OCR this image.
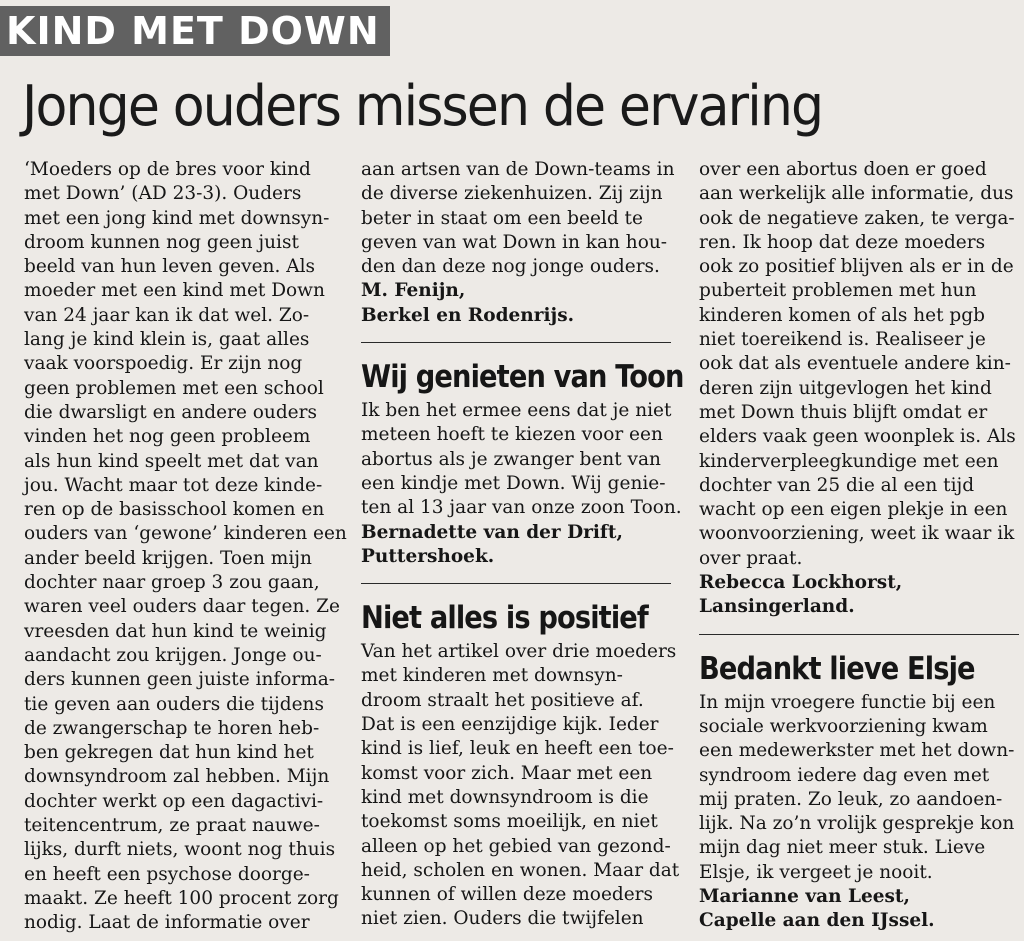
KIND MET DOWN
Jonge ouders missen de ervaring
‘Moeders op de bres voor kind
met Down’ (AD 23-3). Ouders
met een jong kind met downsyn-
droom kunnen nog geen juist
beeld van hun leven geven. Als
moeder met een kind met Down
van 24 jaar kan ik dat wel. Zo-
lang je kind klein is, gaat alles
vaak voorspoedig. Er zijn nog
geen problemen met een school
die dwarsligt en andere ouders
vinden het nog geen probleem
als hun kind speelt met dat van
jou. Wacht maar tot deze kinde-
ren op de basisschool komen en
ouders van ‘gewone’ kinderen een
ander beeld krijgen. Toen mijn
dochter naar groep 3 zou gaan,
waren veel ouders daar tegen. Ze
vreesden dat hun kind te weinig
aandacht zou krijgen. Jonge ou-
ders kunnen geen juiste informa-
tie geven aan ouders die tijdens
de zwangerschap te horen heb-
ben gekregen dat hun kind het
downsyndroom zal hebben. Mijn
dochter werkt op een dagactivi-
teitencentrum, ze praat nauwe-
lijks, durft niets, woont nog thuis
en heeft een psychose doorge-
maakt. Ze heeft 100 procent zorg
nodig. Laat de informatie over
aan artsen van de Down-teams in
de diverse ziekenhuizen. Zij zijn
beter in staat om een beeld te
geven van wat Down in kan hou-
den dan deze nog jonge ouders.
M. Fenijn,
Berkel en Rodenrijs.
Wij genieten van Toon
Ik ben het ermee eens dat je niet
meteen hoeft te kiezen voor een
abortus als je zwanger bent van
een kindje met Down. Wij genie-
ten al 13 jaar van onze zoon Toon.
Bernadette van der Drift,
Puttershoek.
Niet alles is positief
Van het artikel over drie moeders
met kinderen met downsyn-
droom straalt het positieve af.
Dat is een eenzijdige kijk. Ieder
kind is lief, leuk en heeft een toe-
komst voor zich. Maar met een
kind met downsyndroom is die
toekomst soms moeilijk, en niet
alleen op het gebied van gezond-
heid, scholen en wonen. Maar dat
kunnen of willen deze moeders
niet zien. Ouders die twijfelen
over een abortus doen er goed
aan werkelijk alle informatie, dus
ook de negatieve zaken, te verga-
ren. Ik hoop dat deze moeders
ook zo positief blijven als er in de
puberteit problemen met hun
kinderen komen of als het pgb
niet toereikend is. Realiseer je
ook dat als eventuele andere kin-
deren zijn uitgevlogen het kind
met Down thuis blijft omdat er
elders vaak geen woonplek is. Als
kinderverpleegkundige met een
dochter van 25 die al een tijd
wacht op een eigen plekje in een
woonvoorziening, weet ik waar ik
over praat.
Rebecca Lockhorst,
Lansingerland.
Bedankt lieve Elsje
In mijn vroegere functie bij een
sociale werkvoorziening kwam
een medewerkster met het down-
syndroom iedere dag even met
mij praten. Zo leuk, zo aandoen-
lijk. Na zo’n vrolijk gesprekje kon
mijn dag niet meer stuk. Lieve
Elsje, ik vergeet je nooit.
Marianne van Leest,
Capelle aan den IJssel.
